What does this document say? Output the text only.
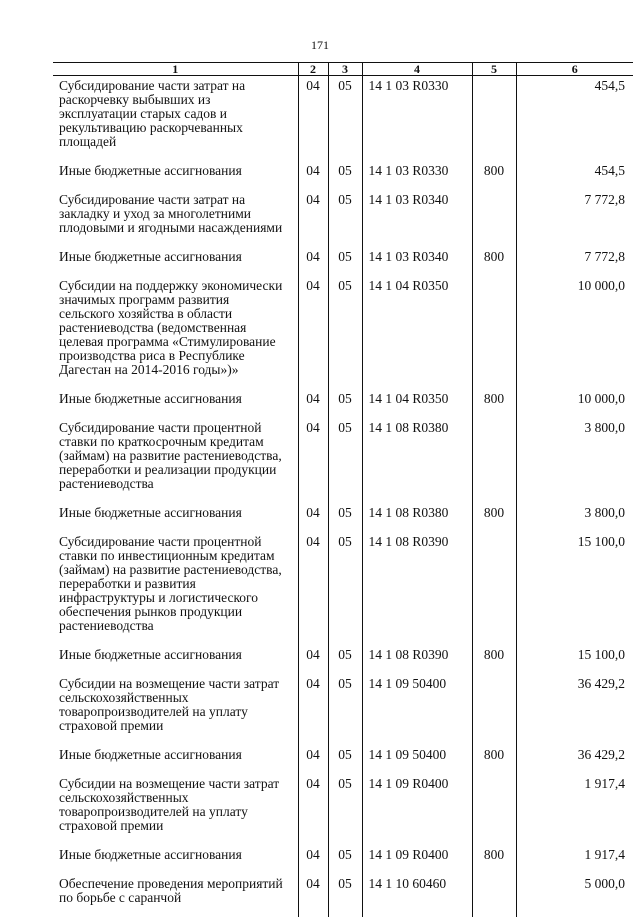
171
1	2	3	4	5	6
Субсидирование части затрат на раскорчевку выбывших из эксплуатации старых садов и рекультивацию раскорчеванных площадей	04	05	14 1 03 R0330		454,5
Иные бюджетные ассигнования	04	05	14 1 03 R0330	800	454,5
Субсидирование части затрат на закладку и уход за многолетними плодовыми и ягодными насаждениями	04	05	14 1 03 R0340		7 772,8
Иные бюджетные ассигнования	04	05	14 1 03 R0340	800	7 772,8
Субсидии на поддержку экономически значимых программ развития сельского хозяйства в области растениеводства (ведомственная целевая программа «Стимулирование производства риса в Республике Дагестан на 2014-2016 годы»)»	04	05	14 1 04 R0350		10 000,0
Иные бюджетные ассигнования	04	05	14 1 04 R0350	800	10 000,0
Субсидирование части процентной ставки по краткосрочным кредитам (займам) на развитие растениеводства, переработки и реализации продукции растениеводства	04	05	14 1 08 R0380		3 800,0
Иные бюджетные ассигнования	04	05	14 1 08 R0380	800	3 800,0
Субсидирование части процентной ставки по инвестиционным кредитам (займам) на развитие растениеводства, переработки и развития инфраструктуры и логистического обеспечения рынков продукции растениеводства	04	05	14 1 08 R0390		15 100,0
Иные бюджетные ассигнования	04	05	14 1 08 R0390	800	15 100,0
Субсидии на возмещение части затрат сельскохозяйственных товаропроизводителей на уплату страховой премии	04	05	14 1 09 50400		36 429,2
Иные бюджетные ассигнования	04	05	14 1 09 50400	800	36 429,2
Субсидии на возмещение части затрат сельскохозяйственных товаропроизводителей на уплату страховой премии	04	05	14 1 09 R0400		1 917,4
Иные бюджетные ассигнования	04	05	14 1 09 R0400	800	1 917,4
Обеспечение проведения мероприятий по борьбе с саранчой	04	05	14 1 10 60460		5 000,0
